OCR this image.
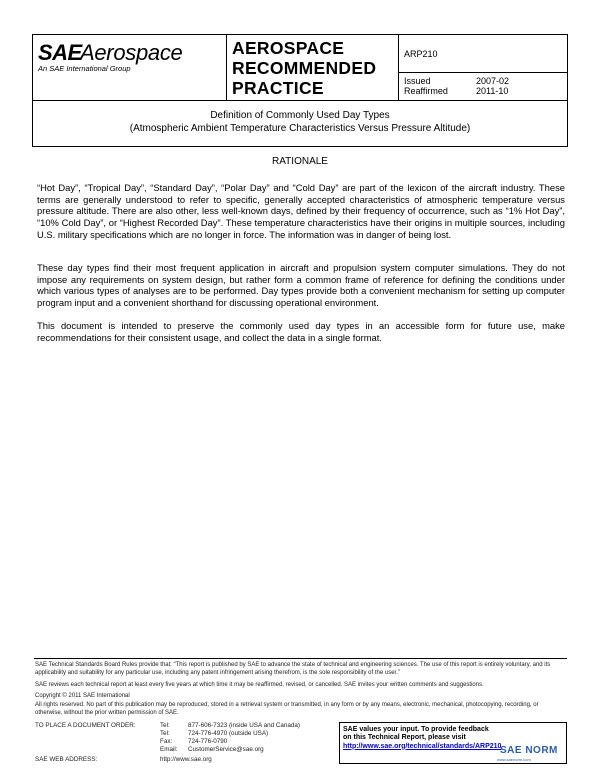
SAE
Aerospace
An SAE International Group
AEROSPACE
RECOMMENDED
PRACTICE
ARP210
Issued	2007-02
Reaffirmed	2011-10
Definition of Commonly Used Day Types
(Atmospheric Ambient Temperature Characteristics Versus Pressure Altitude)
RATIONALE
“Hot Day”, “Tropical Day”, “Standard Day”, “Polar Day” and “Cold Day” are part of the lexicon of the aircraft industry. These terms are generally understood to refer to specific, generally accepted characteristics of atmospheric temperature versus pressure altitude. There are also other, less well-known days, defined by their frequency of occurrence, such as “1% Hot Day”, “10% Cold Day”, or “Highest Recorded Day”. These temperature characteristics have their origins in multiple sources, including U.S. military specifications which are no longer in force. The information was in danger of being lost.
These day types find their most frequent application in aircraft and propulsion system computer simulations. They do not impose any requirements on system design, but rather form a common frame of reference for defining the conditions under which various types of analyses are to be performed. Day types provide both a convenient mechanism for setting up computer program input and a convenient shorthand for discussing operational environment.
This document is intended to preserve the commonly used day types in an accessible form for future use, make recommendations for their consistent usage, and collect the data in a single format.
SAE Technical Standards Board Rules provide that: “This report is published by SAE to advance the state of technical and engineering sciences. The use of this report is entirely voluntary, and its applicability and suitability for any particular use, including any patent infringement arising therefrom, is the sole responsibility of the user.”
SAE reviews each technical report at least every five years at which time it may be reaffirmed, revised, or cancelled. SAE invites your written comments and suggestions.
Copyright © 2011 SAE International
All rights reserved. No part of this publication may be reproduced, stored in a retrieval system or transmitted, in any form or by any means, electronic, mechanical, photocopying, recording, or otherwise, without the prior written permission of SAE.
TO PLACE A DOCUMENT ORDER:	Tel:	877-606-7323 (inside USA and Canada)
Tel:	724-776-4970 (outside USA)
Fax:	724-776-0790
Email: CustomerService@sae.org
SAE WEB ADDRESS:	http://www.sae.org
SAE values your input. To provide feedback
on this Technical Report, please visit
http://www.sae.org/technical/standards/ARP210
SAE NORM
www.saenorm.com
